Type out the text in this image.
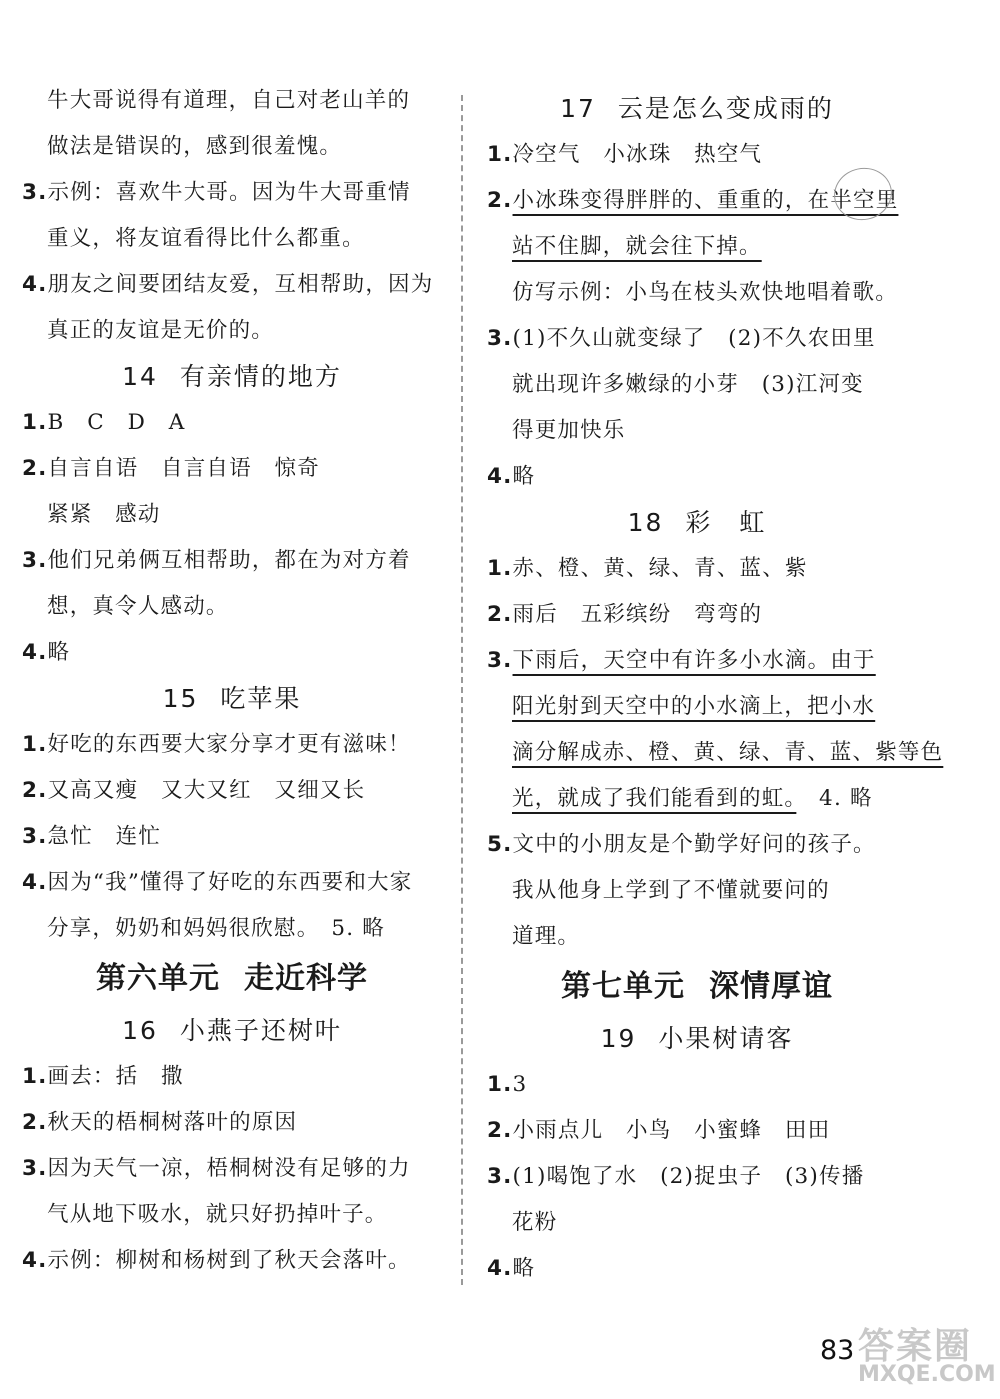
牛大哥说得有道理，自己对老山羊的
做法是错误的，感到很羞愧。
3.示例：喜欢牛大哥。因为牛大哥重情
重义，将友谊看得比什么都重。
4.朋友之间要团结友爱，互相帮助，因为
真正的友谊是无价的。
14 有亲情的地方
1.B　C　D　A
2.自言自语　自言自语　惊奇
紧紧　感动
3.他们兄弟俩互相帮助，都在为对方着
想，真令人感动。
4.略
15 吃苹果
1.好吃的东西要大家分享才更有滋味！
2.又高又瘦　又大又红　又细又长
3.急忙　连忙
4.因为“我”懂得了好吃的东西要和大家
分享，奶奶和妈妈很欣慰。　5. 略
第六单元 走近科学
16 小燕子还树叶
1.画去：括　撒
2.秋天的梧桐树落叶的原因
3.因为天气一凉，梧桐树没有足够的力
气从地下吸水，就只好扔掉叶子。
4.示例：柳树和杨树到了秋天会落叶。
17 云是怎么变成雨的
1.冷空气　小冰珠　热空气
2.小冰珠变得胖胖的、重重的，在半空里
站不住脚，就会往下掉。
仿写示例：小鸟在枝头欢快地唱着歌。
3.(1)不久山就变绿了　(2)不久农田里
就出现许多嫩绿的小芽　(3)江河变
得更加快乐
4.略
18 彩　虹
1.赤、橙、黄、绿、青、蓝、紫
2.雨后　五彩缤纷　弯弯的
3.下雨后，天空中有许多小水滴。由于
阳光射到天空中的小水滴上，把小水
滴分解成赤、橙、黄、绿、青、蓝、紫等色
光，就成了我们能看到的虹。　4. 略
5.文中的小朋友是个勤学好问的孩子。
我从他身上学到了不懂就要问的
道理。
第七单元 深情厚谊
19 小果树请客
1.3
2.小雨点儿　小鸟　小蜜蜂　田田
3.(1)喝饱了水　(2)捉虫子　(3)传播
花粉
4.略
83 答案圈
MXQE.COM
